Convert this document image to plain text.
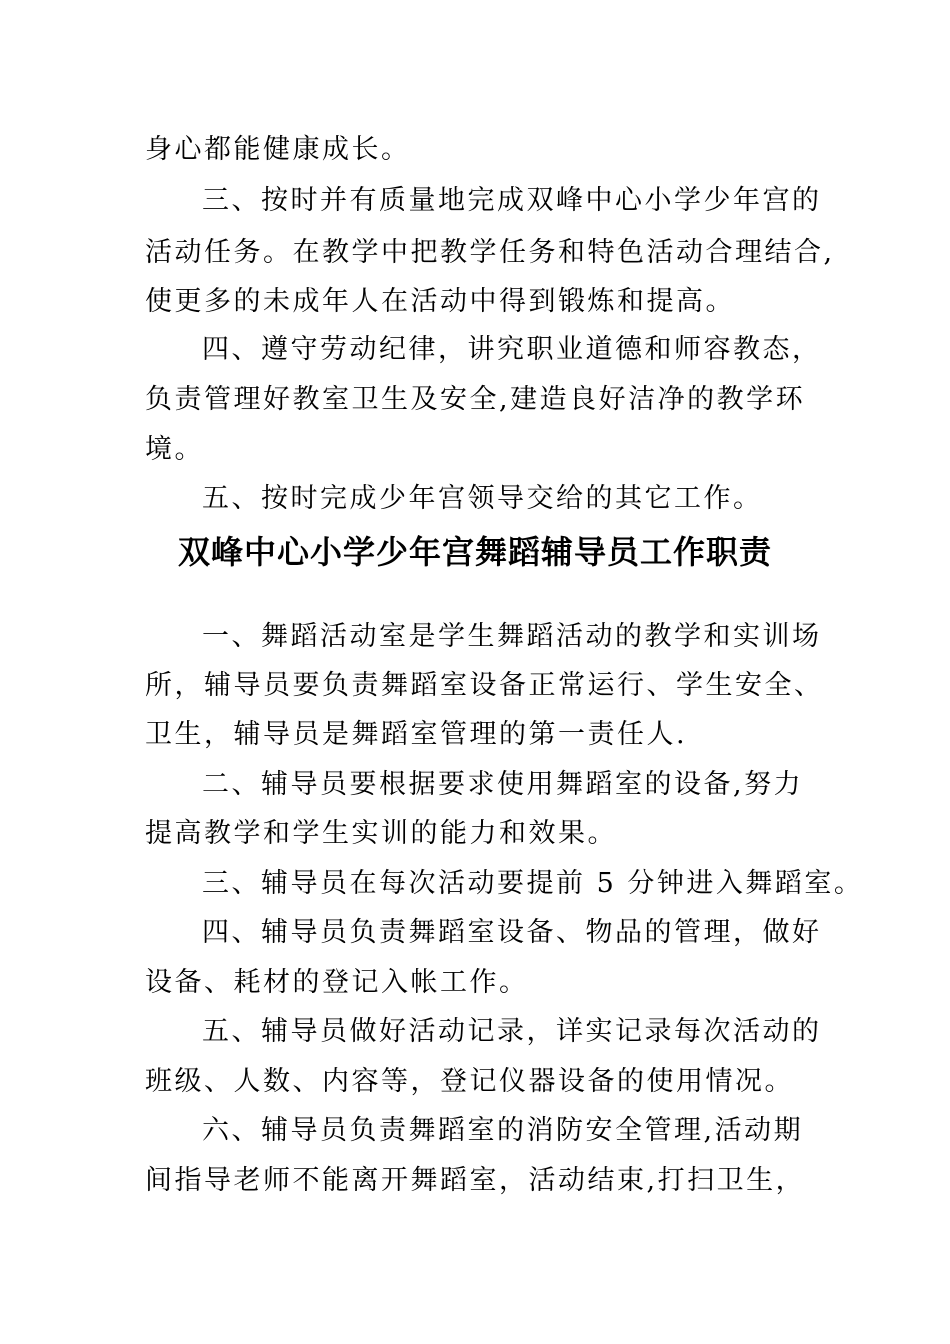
身心都能健康成长。
三、按时并有质量地完成双峰中心小学少年宫的
活动任务。在教学中把教学任务和特色活动合理结合,
使更多的未成年人在活动中得到锻炼和提高。
四、遵守劳动纪律，讲究职业道德和师容教态，
负责管理好教室卫生及安全,建造良好洁净的教学环
境。
五、按时完成少年宫领导交给的其它工作。
双峰中心小学少年宫舞蹈辅导员工作职责
一、舞蹈活动室是学生舞蹈活动的教学和实训场
所，辅导员要负责舞蹈室设备正常运行、学生安全、
卫生，辅导员是舞蹈室管理的第一责任人.
二、辅导员要根据要求使用舞蹈室的设备,努力
提高教学和学生实训的能力和效果。
三、辅导员在每次活动要提前 5 分钟进入舞蹈室。
四、辅导员负责舞蹈室设备、物品的管理，做好
设备、耗材的登记入帐工作。
五、辅导员做好活动记录，详实记录每次活动的
班级、人数、内容等，登记仪器设备的使用情况。
六、辅导员负责舞蹈室的消防安全管理,活动期
间指导老师不能离开舞蹈室，活动结束,打扫卫生，
